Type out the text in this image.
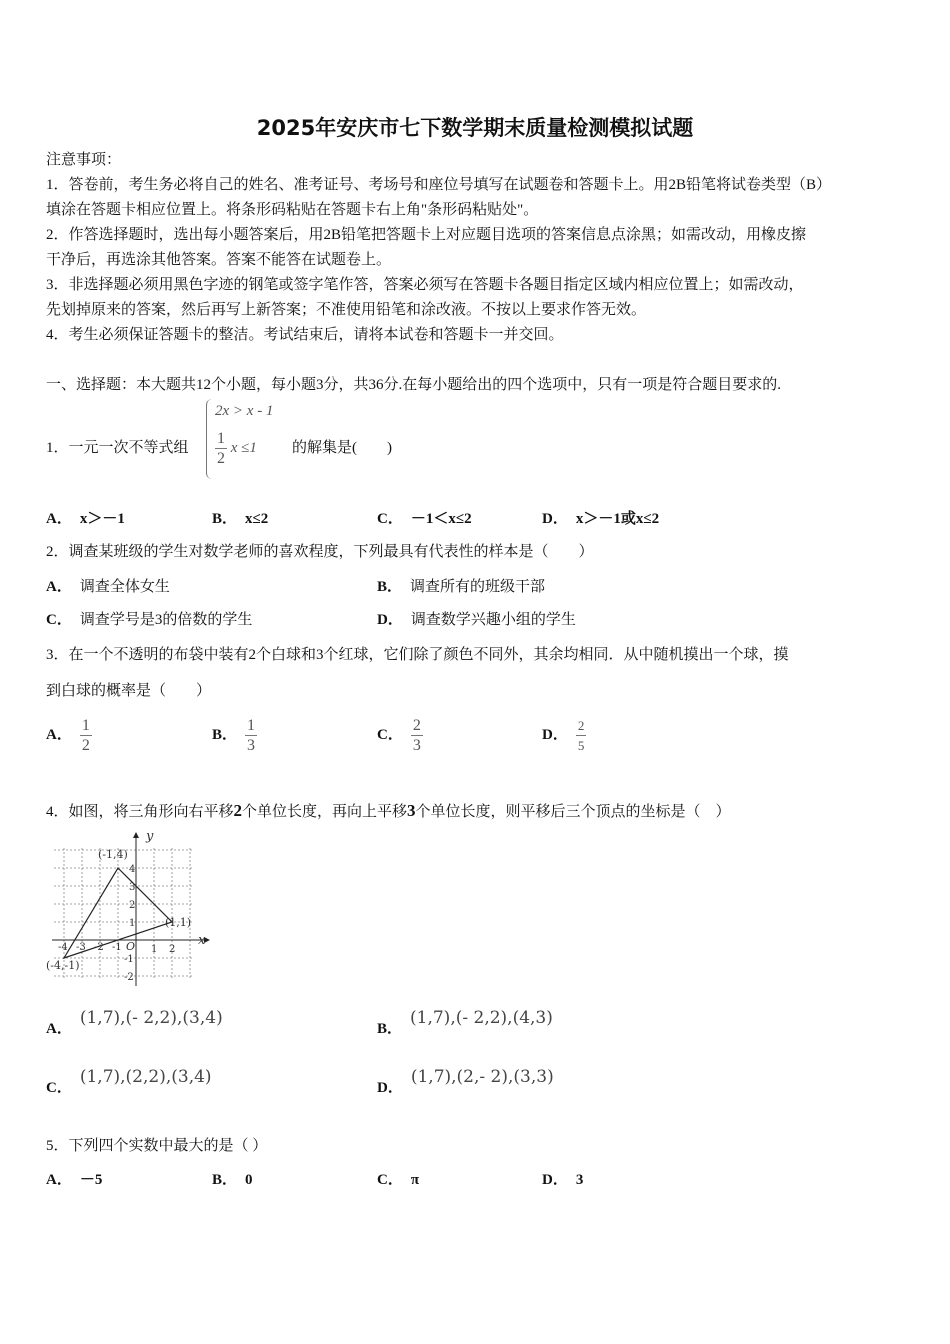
2025年安庆市七下数学期末质量检测模拟试题

注意事项：

1．答卷前，考生务必将自己的姓名、准考证号、考场号和座位号填写在试题卷和答题卡上。用2B铅笔将试卷类型（B）

填涂在答题卡相应位置上。将条形码粘贴在答题卡右上角"条形码粘贴处"。

2．作答选择题时，选出每小题答案后，用2B铅笔把答题卡上对应题目选项的答案信息点涂黑；如需改动，用橡皮擦

干净后，再选涂其他答案。答案不能答在试题卷上。

3．非选择题必须用黑色字迹的钢笔或签字笔作答，答案必须写在答题卡各题目指定区域内相应位置上；如需改动，

先划掉原来的答案，然后再写上新答案；不准使用铅笔和涂改液。不按以上要求作答无效。

4．考生必须保证答题卡的整洁。考试结束后，请将本试卷和答题卡一并交回。

一、选择题：本大题共12个小题，每小题3分，共36分.在每小题给出的四个选项中，只有一项是符合题目要求的.
1．一元一次不等式组
2x > x - 1
$\frac{1}{2}$ x ≤1 的解集是(　　)
A． x＞－1	B． x≤2	C． －1＜x≤2	D． x＞－1或x≤2
2．调查某班级的学生对数学老师的喜欢程度，下列最具有代表性的样本是（　　）
A． 调查全体女生	B． 调查所有的班级干部
C． 调查学号是3的倍数的学生	D． 调查数学兴趣小组的学生
3．在一个不透明的布袋中装有2个白球和3个红球，它们除了颜色不同外，其余均相同．从中随机摸出一个球，摸
到白球的概率是（　　）
A． $\frac{1}{2}$	B． $\frac{1}{3}$	C． $\frac{2}{3}$	D． $\frac{2}{5}$
4．如图，将三角形向右平移2个单位长度，再向上平移3个单位长度，则平移后三个顶点的坐标是（　）
y
x
O
(-1,4)
(1,1)
(-4,-1)
4
3
2
1
-1
-2
-4 -3 -2 -1	1 2
A．(1,7),(- 2,2),(3,4)
B．(1,7),(- 2,2),(4,3)
C．(1,7),(2,2),(3,4)
D．(1,7),(2,- 2),(3,3)
5．下列四个实数中最大的是（ ）
A． －5	B． 0	C． π	D． 3
